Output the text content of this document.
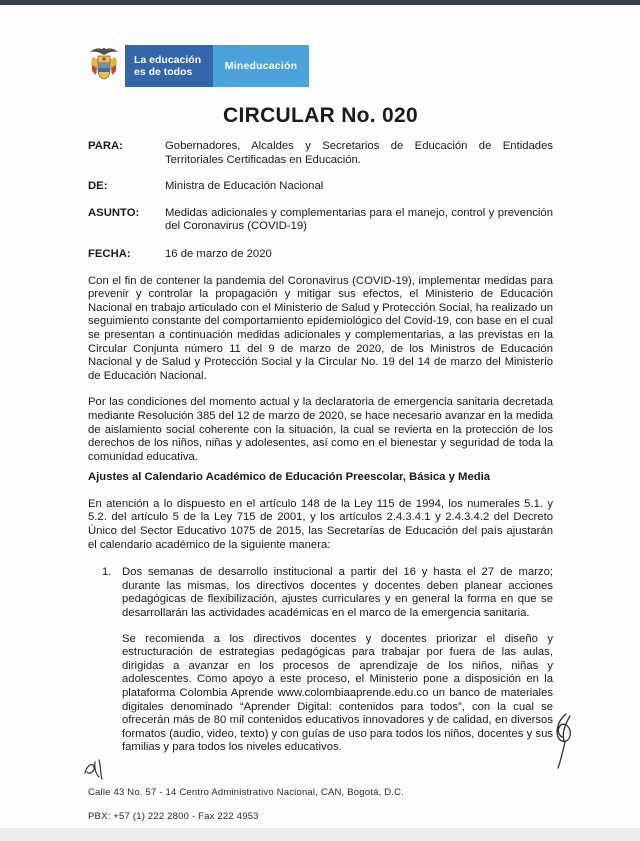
La educación
es de todos	Mineducación
CIRCULAR No. 020
PARA:	Gobernadores, Alcaldes y Secretarios de Educación de Entidades Territoriales Certificadas en Educación.
DE:	Ministra de Educación Nacional
ASUNTO:	Medidas adicionales y complementarias para el manejo, control y prevención del Coronavirus (COVID-19)
FECHA:	16 de marzo de 2020

Con el fin de contener la pandemia del Coronavirus (COVID-19), implementar medidas para prevenir y controlar la propagación y mitigar sus efectos, el Ministerio de Educación Nacional en trabajo articulado con el Ministerio de Salud y Protección Social, ha realizado un seguimiento constante del comportamiento epidemiológico del Covid-19, con base en el cual se presentan a continuación medidas adicionales y complementarias, a las previstas en la Circular Conjunta número 11 del 9 de marzo de 2020, de los Ministros de Educación Nacional y de Salud y Protección Social y la Circular No. 19 del 14 de marzo del Ministerio de Educación Nacional.

Por las condiciones del momento actual y la declaratoria de emergencia sanitaria decretada mediante Resolución 385 del 12 de marzo de 2020, se hace necesario avanzar en la medida de aislamiento social coherente con la situación, la cual se revierta en la protección de los derechos de los niños, niñas y adolesentes, así como en el bienestar y seguridad de toda la comunidad educativa.

Ajustes al Calendario Académico de Educación Preescolar, Básica y Media

En atención a lo dispuesto en el artículo 148 de la Ley 115 de 1994, los numerales 5.1. y 5.2. del artículo 5 de la Ley 715 de 2001, y los artículos 2.4.3.4.1 y 2.4.3.4.2 del Decreto Único del Sector Educativo 1075 de 2015, las Secretarías de Educación del país ajustarán el calendario académico de la siguiente manera:

1. Dos semanas de desarrollo institucional a partir del 16 y hasta el 27 de marzo; durante las mismas, los directivos docentes y docentes deben planear acciones pedagógicas de flexibilización, ajustes curriculares y en general la forma en que se desarrollarán las actividades académicas en el marco de la emergencia sanitaria.

Se recomienda a los directivos docentes y docentes priorizar el diseño y estructuración de estrategias pedagógicas para trabajar por fuera de las aulas, dirigidas a avanzar en los procesos de aprendizaje de los niños, niñas y adolescentes. Como apoyo a este proceso, el Ministerio pone a disposición en la plataforma Colombia Aprende www.colombiaaprende.edu.co un banco de materiales digitales denominado “Aprender Digital: contenidos para todos”, con la cual se ofrecerán más de 80 mil contenidos educativos innovadores y de calidad, en diversos formatos (audio, video, texto) y con guías de uso para todos los niños, docentes y sus familias y para todos los niveles educativos.

Calle 43 No. 57 - 14 Centro Administrativo Nacional, CAN, Bogotá, D.C.
PBX: +57 (1) 222 2800 - Fax 222 4953
